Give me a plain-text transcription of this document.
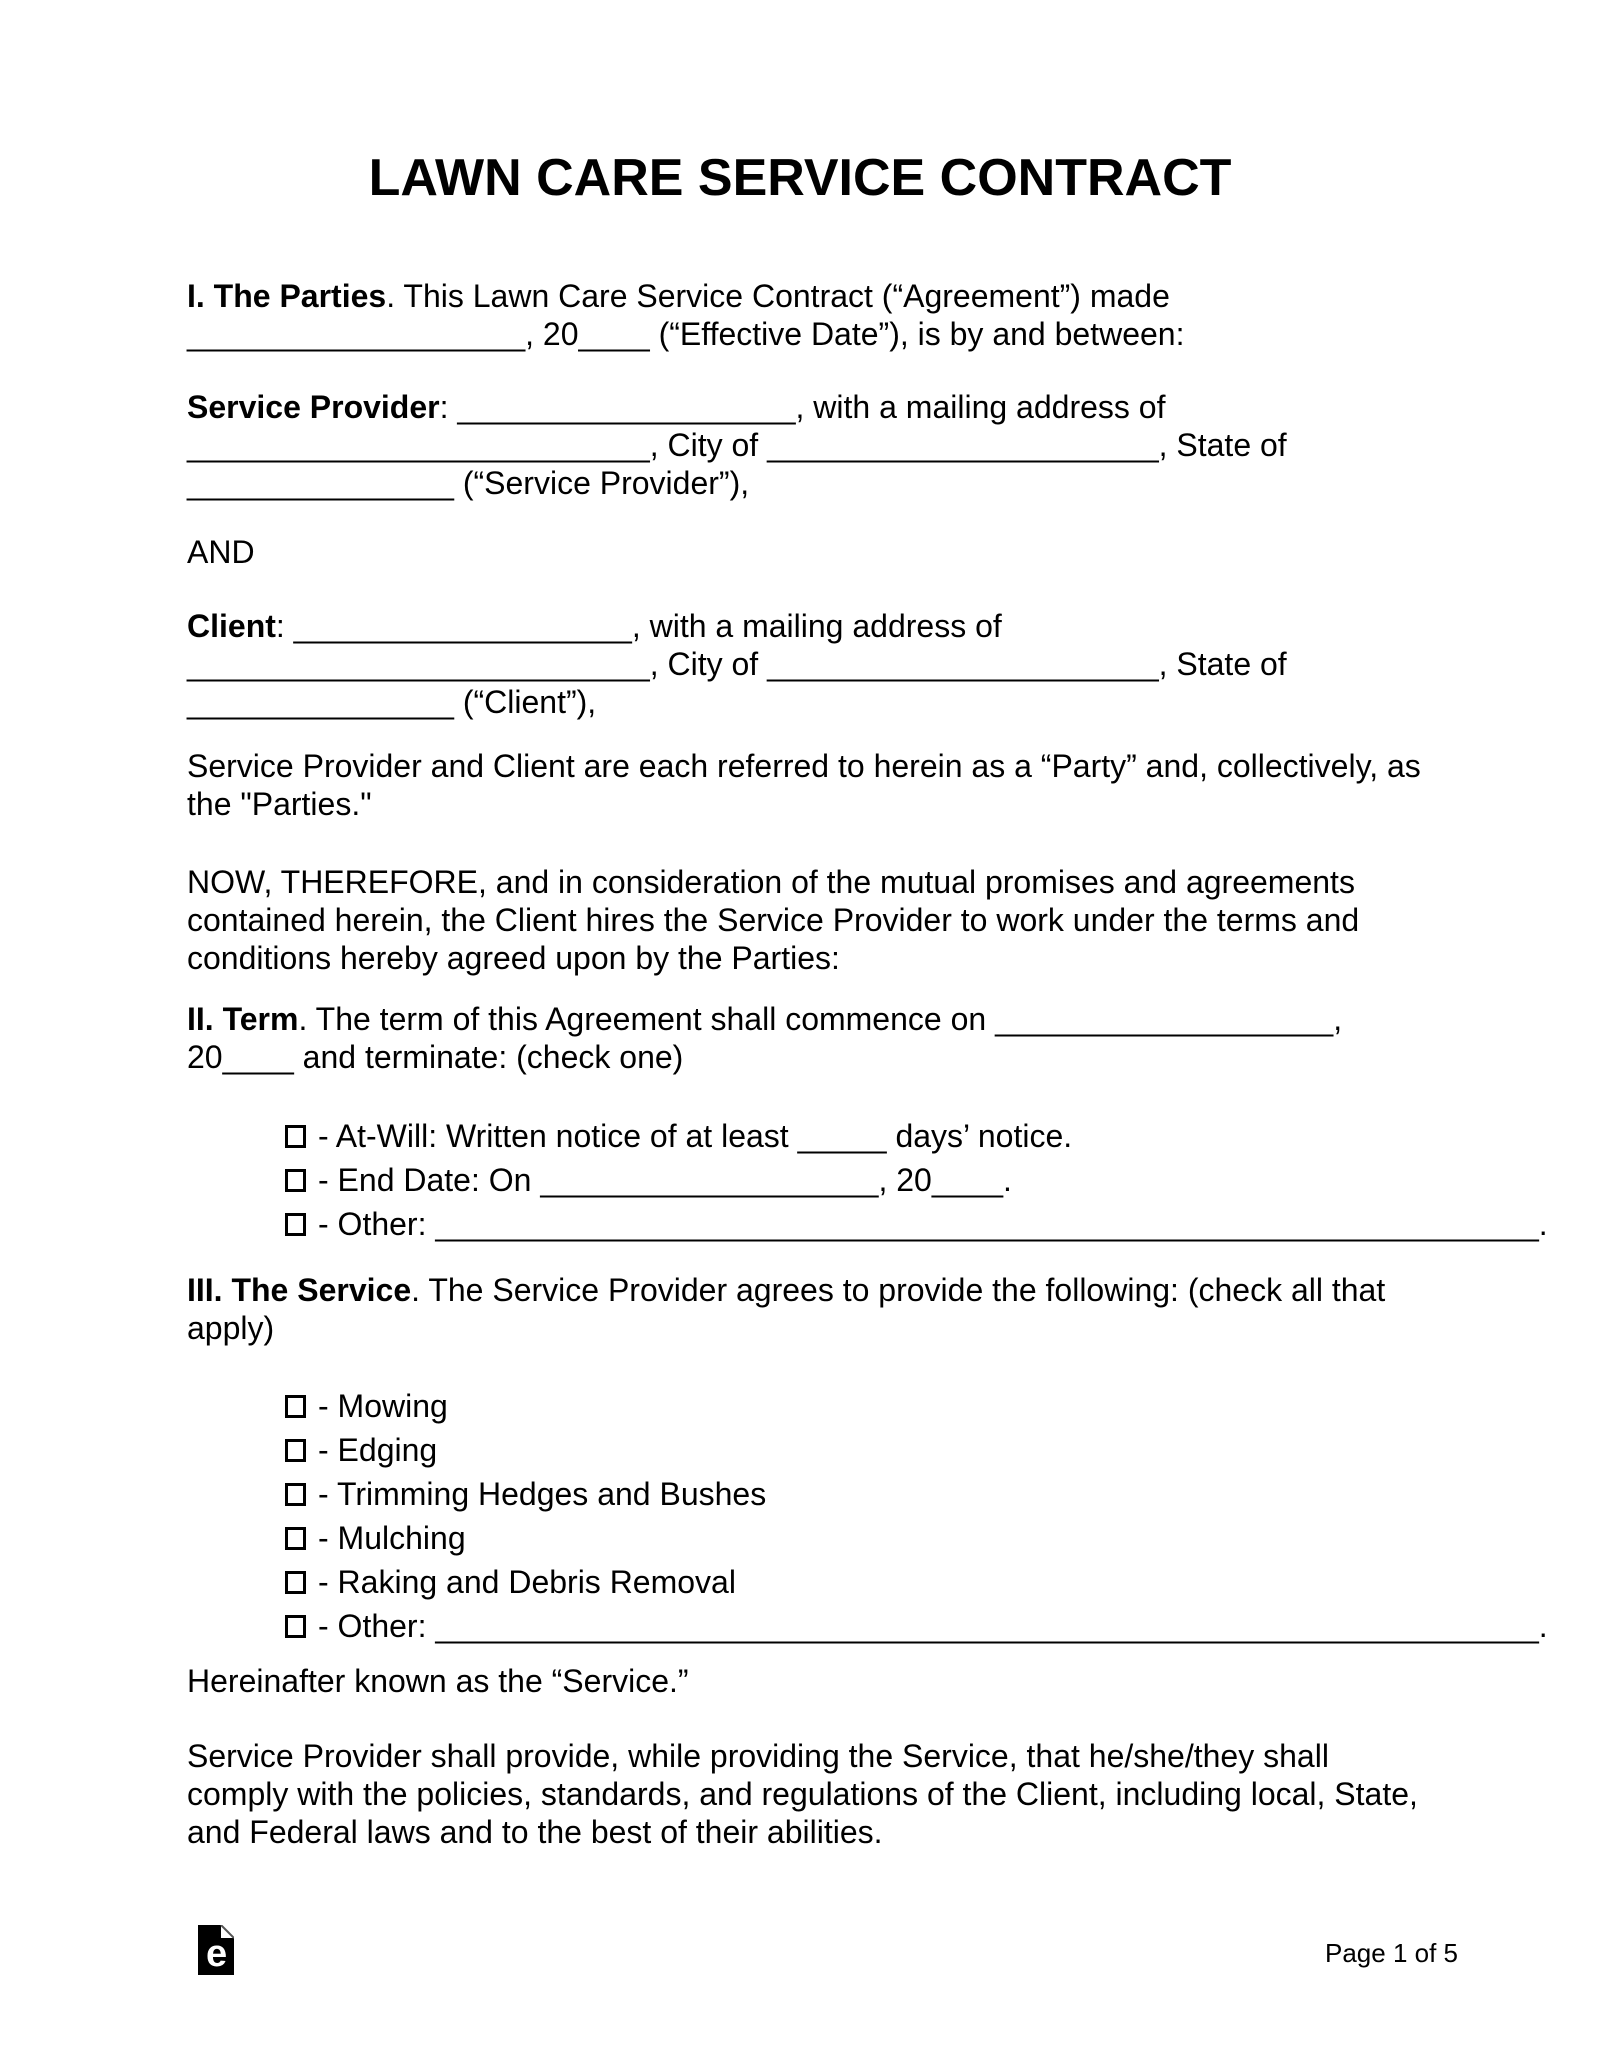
LAWN CARE SERVICE CONTRACT
I. The Parties. This Lawn Care Service Contract (“Agreement”) made
___________________, 20____ (“Effective Date”), is by and between:
Service Provider: ___________________, with a mailing address of
__________________________, City of ______________________, State of
_______________ (“Service Provider”),
AND
Client: ___________________, with a mailing address of
__________________________, City of ______________________, State of
_______________ (“Client”),
Service Provider and Client are each referred to herein as a “Party” and, collectively, as
the "Parties."
NOW, THEREFORE, and in consideration of the mutual promises and agreements
contained herein, the Client hires the Service Provider to work under the terms and
conditions hereby agreed upon by the Parties:
II. Term. The term of this Agreement shall commence on ___________________,
20____ and terminate: (check one)
- At-Will: Written notice of at least _____ days’ notice.
- End Date: On ___________________, 20____.
- Other: ______________________________________________________________.
III. The Service. The Service Provider agrees to provide the following: (check all that
apply)
- Mowing
- Edging
- Trimming Hedges and Bushes
- Mulching
- Raking and Debris Removal
- Other: ______________________________________________________________.
Hereinafter known as the “Service.”
Service Provider shall provide, while providing the Service, that he/she/they shall
comply with the policies, standards, and regulations of the Client, including local, State,
and Federal laws and to the best of their abilities.
e	Page 1 of 5
